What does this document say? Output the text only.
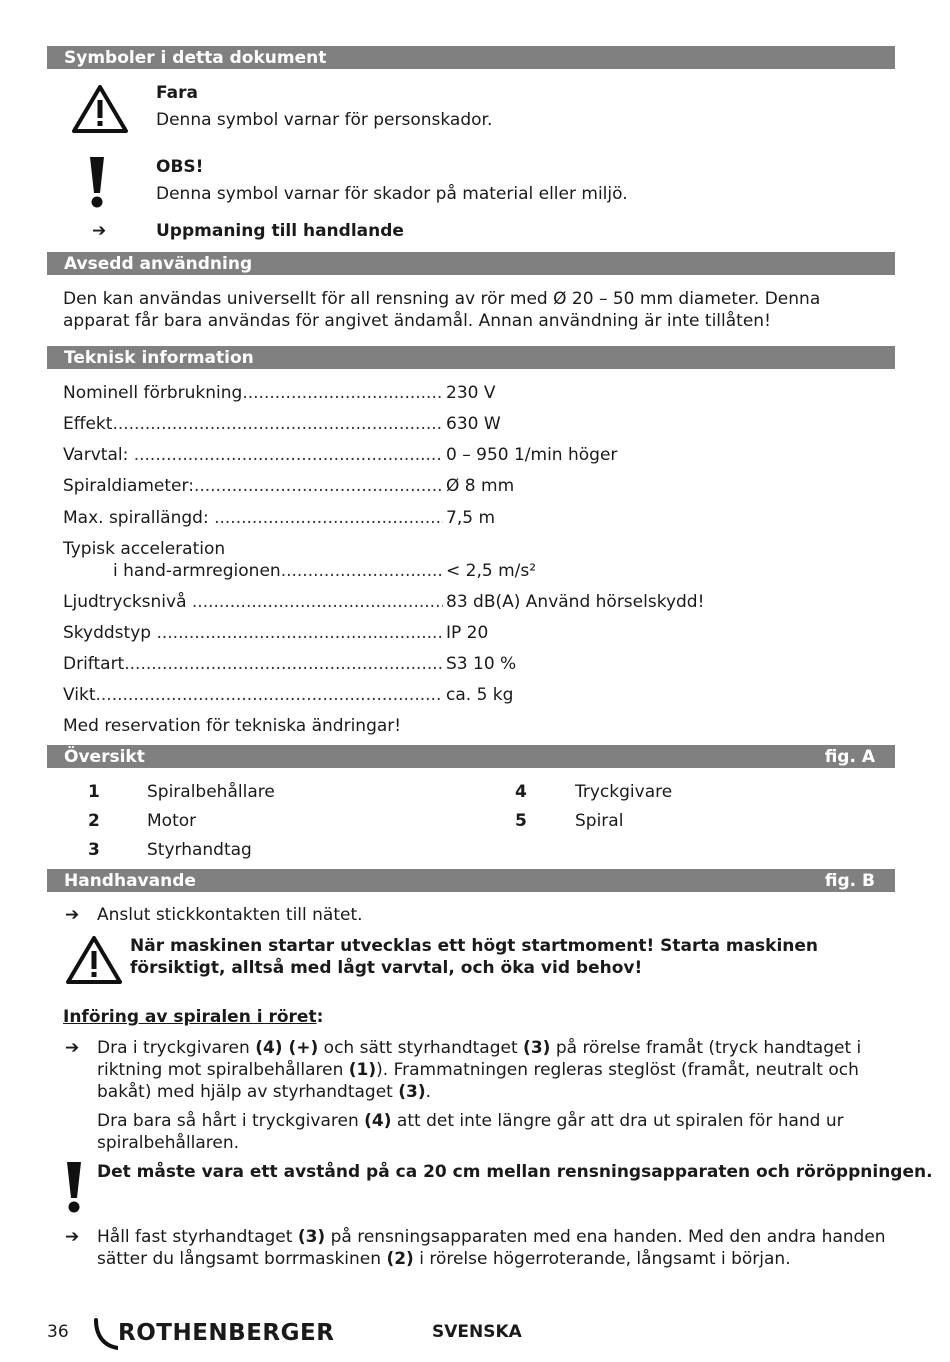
Symboler i detta dokument
Fara
Denna symbol varnar för personskador.
OBS!
Denna symbol varnar för skador på material eller miljö.
➔	Uppmaning till handlande
Avsedd användning
Den kan användas universellt för all rensning av rör med Ø 20 – 50 mm diameter. Denna apparat får bara användas för angivet ändamål. Annan användning är inte tillåten!
Teknisk information
Nominell förbrukning .....	230 V
Effekt .....	630 W
Varvtal: .....	0 – 950 1/min höger
Spiraldiameter: .....	Ø 8 mm
Max. spirallängd: .....	7,5 m
Typisk acceleration
i hand-armregionen .....	< 2,5 m/s²
Ljudtrycksnivå .....	83 dB(A) Använd hörselskydd!
Skyddstyp .....	IP 20
Driftart .....	S3 10 %
Vikt .....	ca. 5 kg
Med reservation för tekniska ändringar!
Översikt	fig. A
1	Spiralbehållare
2	Motor
3	Styrhandtag
4	Tryckgivare
5	Spiral
Handhavande	fig. B
➔ Anslut stickkontakten till nätet.
När maskinen startar utvecklas ett högt startmoment! Starta maskinen försiktigt, alltså med lågt varvtal, och öka vid behov!
Införing av spiralen i röret:
➔ Dra i tryckgivaren (4) (+) och sätt styrhandtaget (3) på rörelse framåt (tryck handtaget i riktning mot spiralbehållaren (1)). Frammatningen regleras steglöst (framåt, neutralt och bakåt) med hjälp av styrhandtaget (3).
Dra bara så hårt i tryckgivaren (4) att det inte längre går att dra ut spiralen för hand ur spiralbehållaren.
Det måste vara ett avstånd på ca 20 cm mellan rensningsapparaten och röröppningen.
➔ Håll fast styrhandtaget (3) på rensningsapparaten med ena handen. Med den andra handen sätter du långsamt borrmaskinen (2) i rörelse högerroterande, långsamt i början.
36 ROTHENBERGER	SVENSKA
